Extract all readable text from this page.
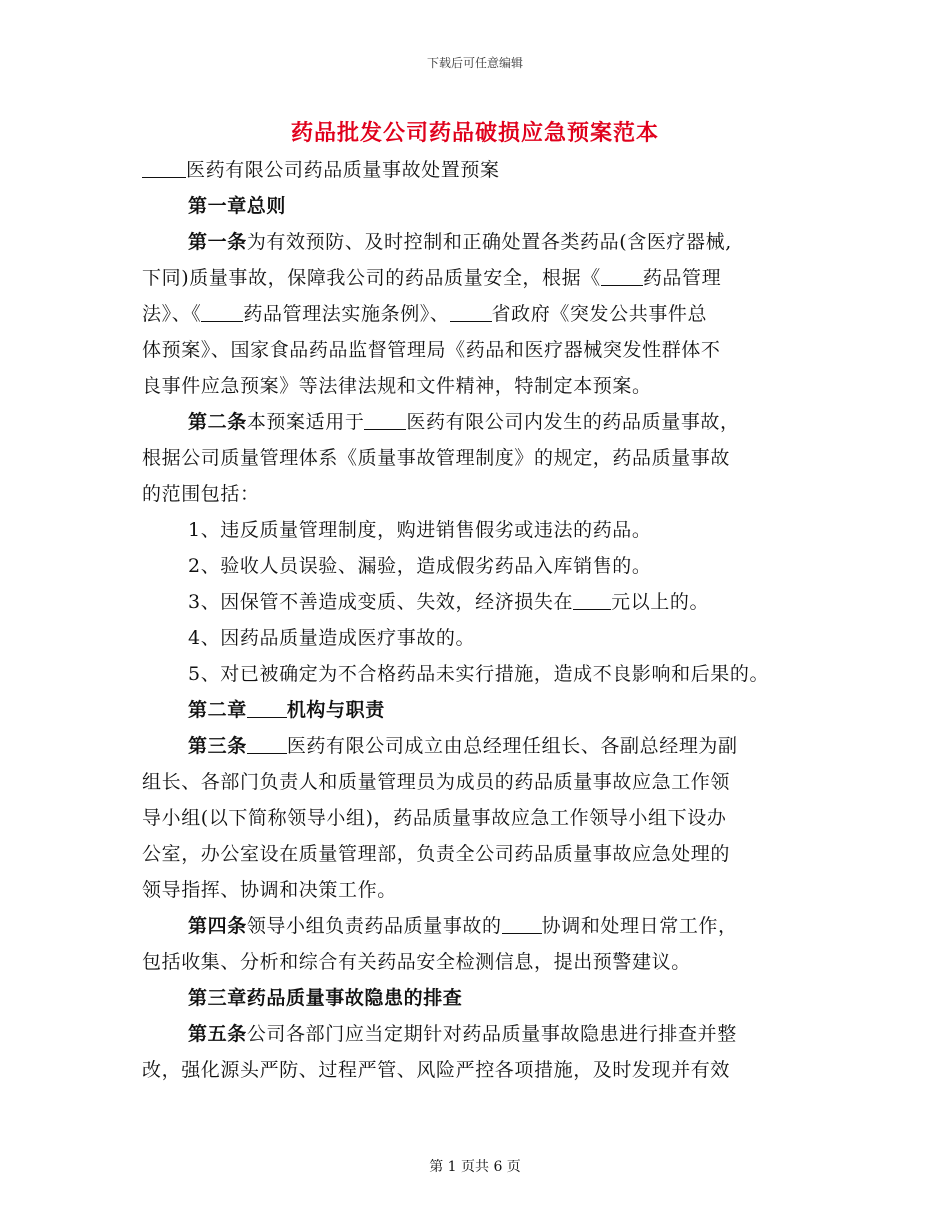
下载后可任意编辑
药品批发公司药品破损应急预案范本
医药有限公司药品质量事故处置预案
第一章总则
第一条为有效预防、及时控制和正确处置各类药品(含医疗器械,
下同)质量事故，保障我公司的药品质量安全，根据《 药品管理
法》、《 药品管理法实施条例》、 省政府《突发公共事件总
体预案》、国家食品药品监督管理局《药品和医疗器械突发性群体不
良事件应急预案》等法律法规和文件精神，特制定本预案。
第二条本预案适用于 医药有限公司内发生的药品质量事故，
根据公司质量管理体系《质量事故管理制度》的规定，药品质量事故
的范围包括：
1、违反质量管理制度，购进销售假劣或违法的药品。
2、验收人员误验、漏验，造成假劣药品入库销售的。
3、因保管不善造成变质、失效，经济损失在 元以上的。
4、因药品质量造成医疗事故的。
5、对已被确定为不合格药品未实行措施，造成不良影响和后果的。
第二章 机构与职责
第三条 医药有限公司成立由总经理任组长、各副总经理为副
组长、各部门负责人和质量管理员为成员的药品质量事故应急工作领
导小组(以下简称领导小组)，药品质量事故应急工作领导小组下设办
公室，办公室设在质量管理部，负责全公司药品质量事故应急处理的
领导指挥、协调和决策工作。
第四条领导小组负责药品质量事故的 协调和处理日常工作，
包括收集、分析和综合有关药品安全检测信息，提出预警建议。
第三章药品质量事故隐患的排查
第五条公司各部门应当定期针对药品质量事故隐患进行排查并整
改，强化源头严防、过程严管、风险严控各项措施，及时发现并有效
第 1 页共 6 页
